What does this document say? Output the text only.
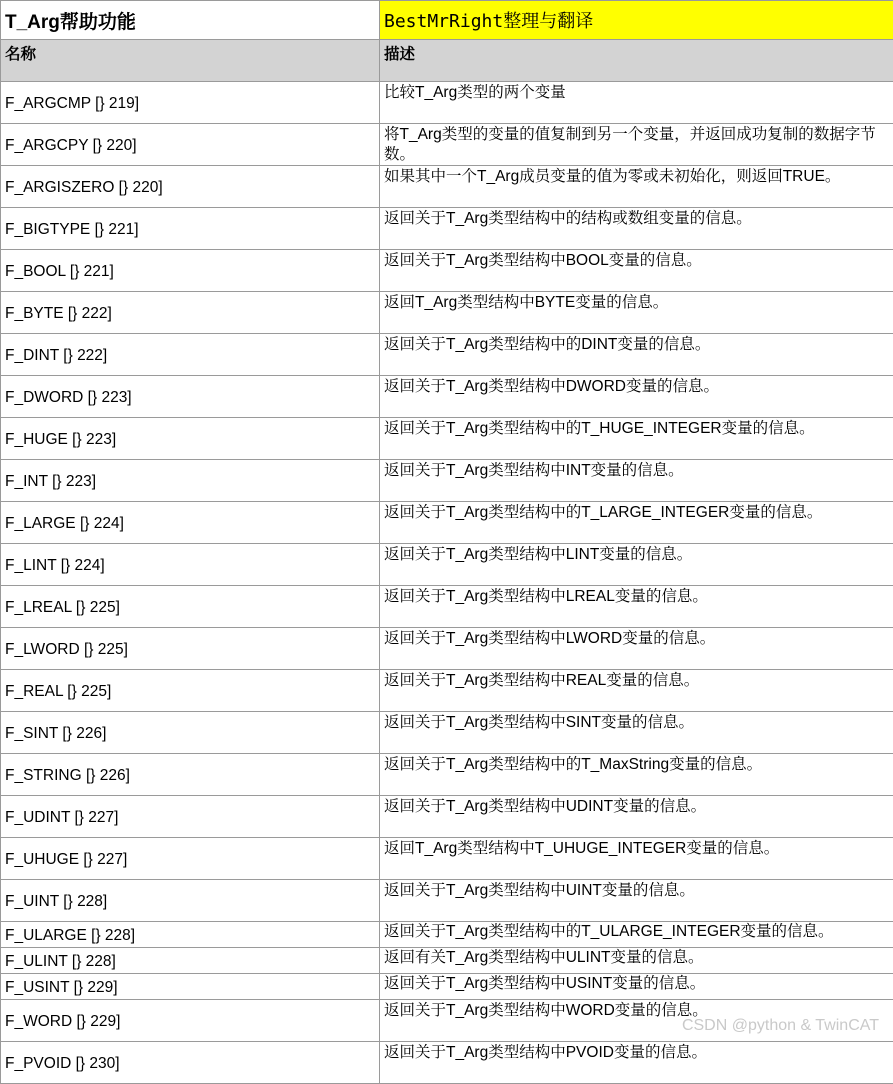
T_Arg帮助功能	BestMrRight整理与翻译
名称	描述
F_ARGCMP [} 219]	比较T_Arg类型的两个变量
F_ARGCPY [} 220]	将T_Arg类型的变量的值复制到另一个变量，并返回成功复制的数据字节数。
F_ARGISZERO [} 220]	如果其中一个T_Arg成员变量的值为零或未初始化，则返回TRUE。
F_BIGTYPE [} 221]	返回关于T_Arg类型结构中的结构或数组变量的信息。
F_BOOL [} 221]	返回关于T_Arg类型结构中BOOL变量的信息。
F_BYTE [} 222]	返回T_Arg类型结构中BYTE变量的信息。
F_DINT [} 222]	返回关于T_Arg类型结构中的DINT变量的信息。
F_DWORD [} 223]	返回关于T_Arg类型结构中DWORD变量的信息。
F_HUGE [} 223]	返回关于T_Arg类型结构中的T_HUGE_INTEGER变量的信息。
F_INT [} 223]	返回关于T_Arg类型结构中INT变量的信息。
F_LARGE [} 224]	返回关于T_Arg类型结构中的T_LARGE_INTEGER变量的信息。
F_LINT [} 224]	返回关于T_Arg类型结构中LINT变量的信息。
F_LREAL [} 225]	返回关于T_Arg类型结构中LREAL变量的信息。
F_LWORD [} 225]	返回关于T_Arg类型结构中LWORD变量的信息。
F_REAL [} 225]	返回关于T_Arg类型结构中REAL变量的信息。
F_SINT [} 226]	返回关于T_Arg类型结构中SINT变量的信息。
F_STRING [} 226]	返回关于T_Arg类型结构中的T_MaxString变量的信息。
F_UDINT [} 227]	返回关于T_Arg类型结构中UDINT变量的信息。
F_UHUGE [} 227]	返回T_Arg类型结构中T_UHUGE_INTEGER变量的信息。
F_UINT [} 228]	返回关于T_Arg类型结构中UINT变量的信息。
F_ULARGE [} 228]	返回关于T_Arg类型结构中的T_ULARGE_INTEGER变量的信息。
F_ULINT [} 228]	返回有关T_Arg类型结构中ULINT变量的信息。
F_USINT [} 229]	返回关于T_Arg类型结构中USINT变量的信息。
F_WORD [} 229]	返回关于T_Arg类型结构中WORD变量的信息。
F_PVOID [} 230]	返回关于T_Arg类型结构中PVOID变量的信息。
CSDN @python & TwinCAT
